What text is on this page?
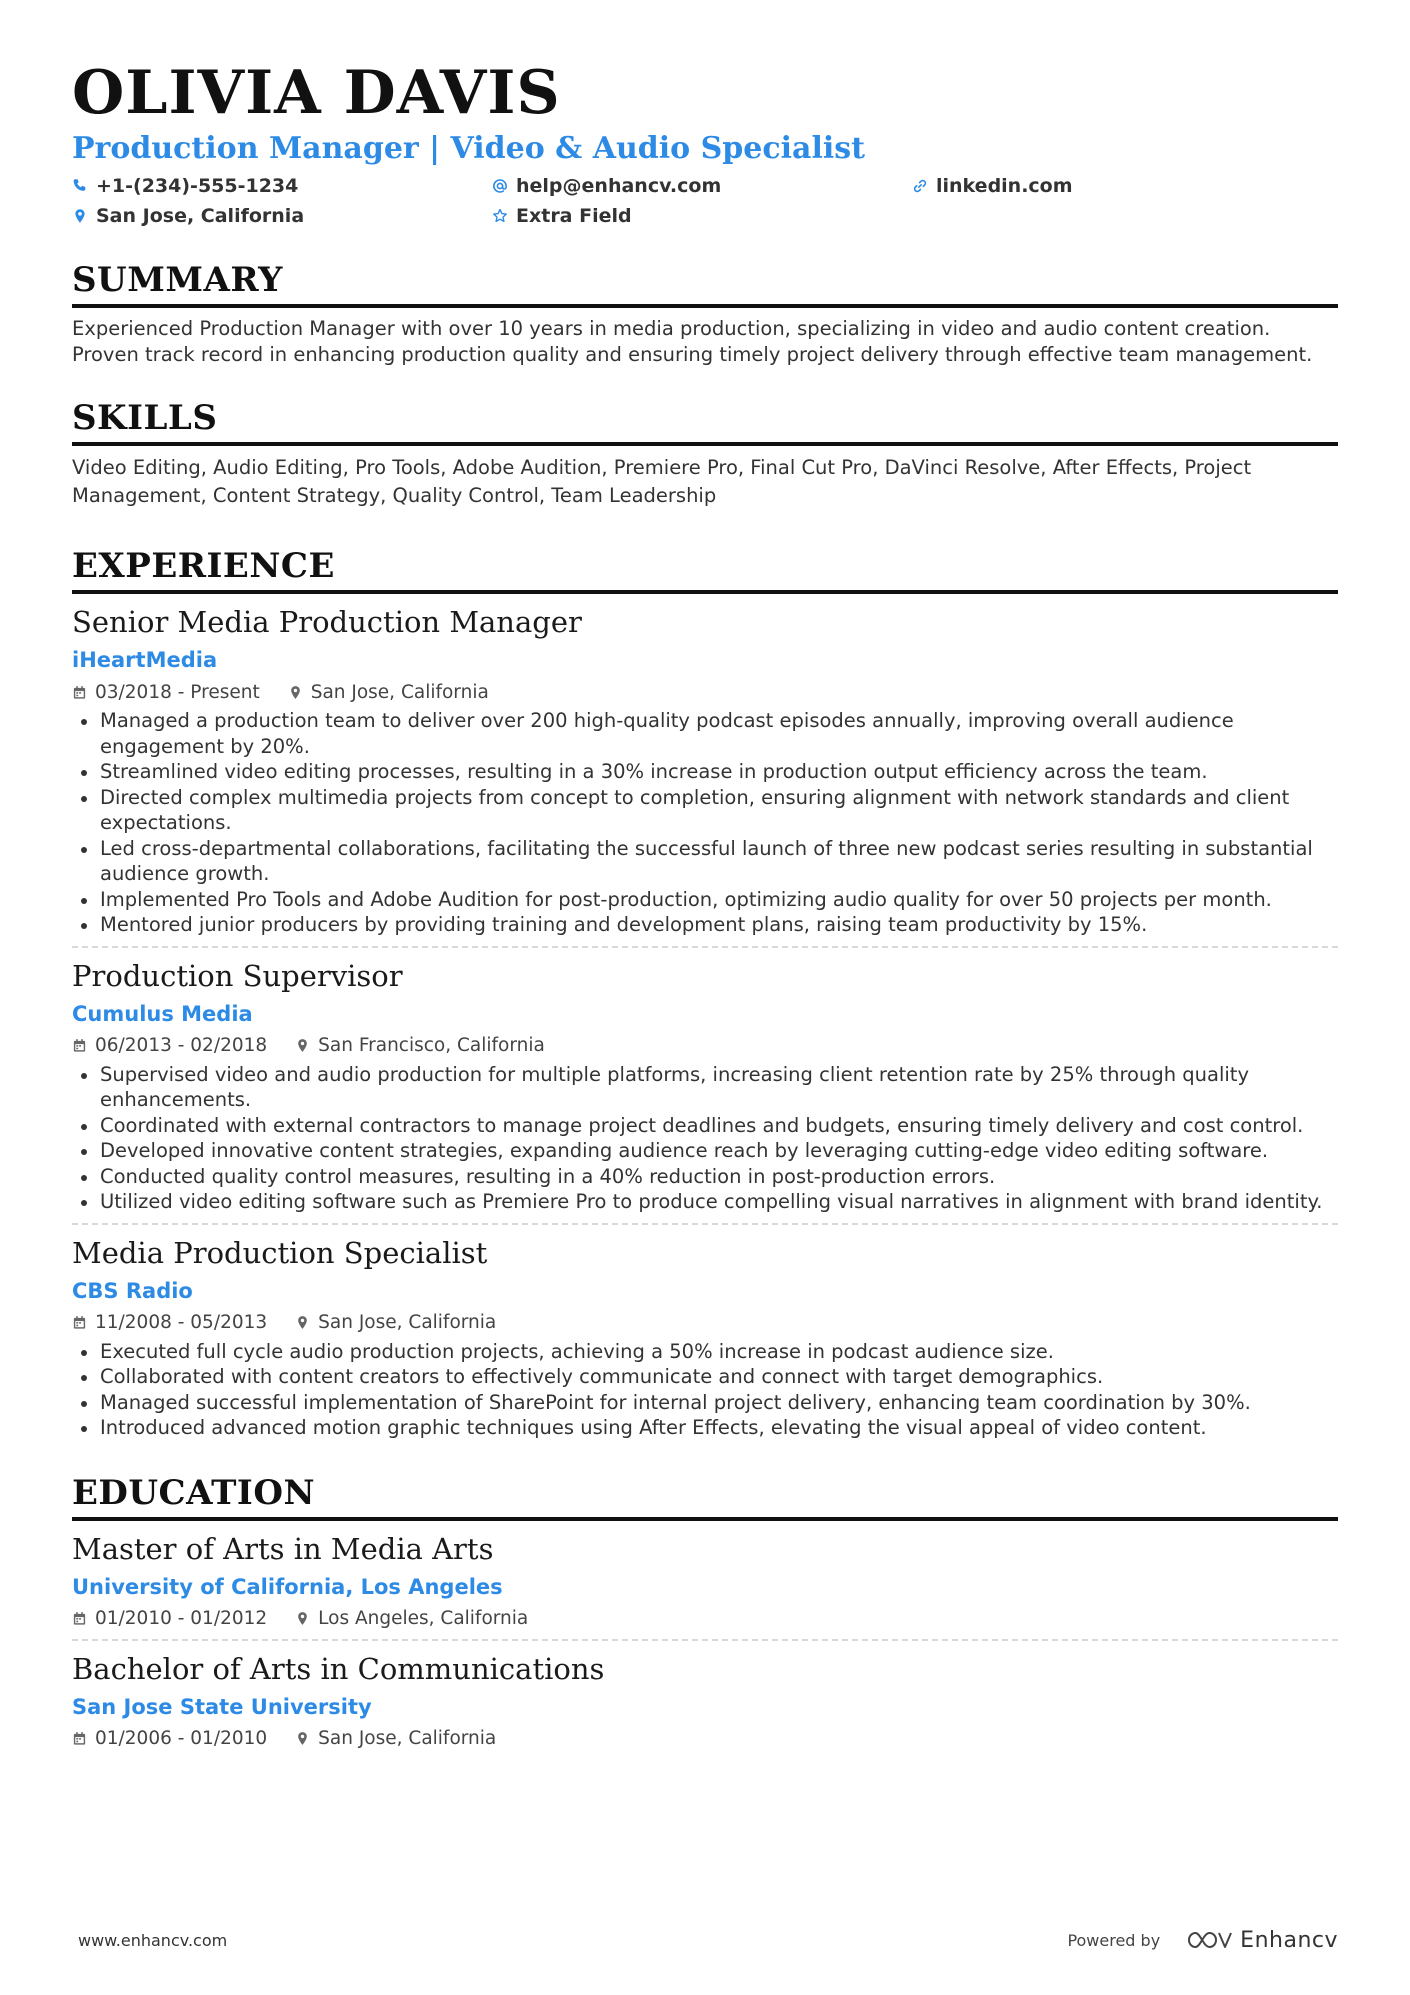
OLIVIA DAVIS
Production Manager | Video & Audio Specialist
+1-(234)-555-1234	help@enhancv.com	linkedin.com
San Jose, California	Extra Field
SUMMARY

Experienced Production Manager with over 10 years in media production, specializing in video and audio content creation. Proven track record in enhancing production quality and ensuring timely project delivery through effective team management.

SKILLS

Video Editing, Audio Editing, Pro Tools, Adobe Audition, Premiere Pro, Final Cut Pro, DaVinci Resolve, After Effects, Project Management, Content Strategy, Quality Control, Team Leadership

EXPERIENCE
Senior Media Production Manager
iHeartMedia
03/2018 - Present	San Jose, California
Managed a production team to deliver over 200 high-quality podcast episodes annually, improving overall audience engagement by 20%.
Streamlined video editing processes, resulting in a 30% increase in production output efficiency across the team.
Directed complex multimedia projects from concept to completion, ensuring alignment with network standards and client expectations.
Led cross-departmental collaborations, facilitating the successful launch of three new podcast series resulting in substantial audience growth.
Implemented Pro Tools and Adobe Audition for post-production, optimizing audio quality for over 50 projects per month.
Mentored junior producers by providing training and development plans, raising team productivity by 15%.
Production Supervisor
Cumulus Media
06/2013 - 02/2018	San Francisco, California
Supervised video and audio production for multiple platforms, increasing client retention rate by 25% through quality enhancements.
Coordinated with external contractors to manage project deadlines and budgets, ensuring timely delivery and cost control.
Developed innovative content strategies, expanding audience reach by leveraging cutting-edge video editing software.
Conducted quality control measures, resulting in a 40% reduction in post-production errors.
Utilized video editing software such as Premiere Pro to produce compelling visual narratives in alignment with brand identity.
Media Production Specialist
CBS Radio
11/2008 - 05/2013	San Jose, California
Executed full cycle audio production projects, achieving a 50% increase in podcast audience size.
Collaborated with content creators to effectively communicate and connect with target demographics.
Managed successful implementation of SharePoint for internal project delivery, enhancing team coordination by 30%.
Introduced advanced motion graphic techniques using After Effects, elevating the visual appeal of video content.
EDUCATION
Master of Arts in Media Arts
University of California, Los Angeles
01/2010 - 01/2012	Los Angeles, California
Bachelor of Arts in Communications
San Jose State University
01/2006 - 01/2010	San Jose, California
www.enhancv.com	Powered by	Enhancv
